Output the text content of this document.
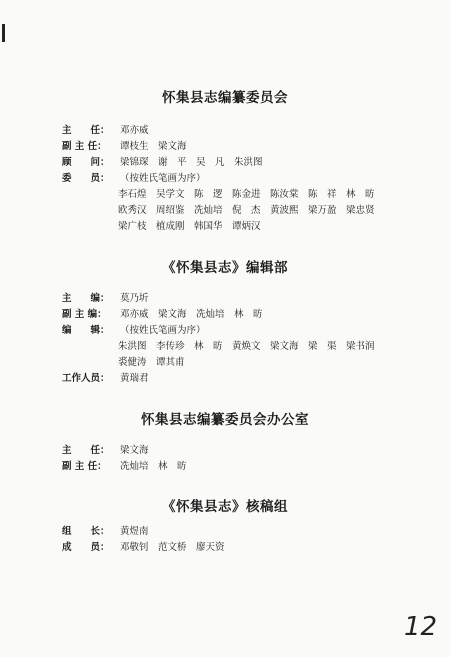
怀集县志编纂委员会
主　　任： 邓亦威
副 主 任： 谭枝生　梁文海
顾　　问： 梁锦琛　谢　平　吴　凡　朱洪图
委　　员： （按姓氏笔画为序）
李石煌　吴学文　陈　逻　陈金进　陈汝棠　陈　祥　林　昉
欧秀汉　周绍鉴　冼灿培　倪　杰　黄波熙　梁万盈　梁忠贤
梁广枝　植成刚　韩国华　谭炳汉
《怀集县志》编辑部
主　　编： 莫乃圻
副 主 编： 邓亦威　梁文海　冼灿培　林　昉
编　　辑： （按姓氏笔画为序）
朱洪图　李传珍　林　昉　黄焕文　梁文海　梁　渠　梁书润
裘健涛　谭其甫
工作人员： 黄瑞君
怀集县志编纂委员会办公室
主　　任： 梁文海
副 主 任： 冼灿培　林　昉
《怀集县志》核稿组
组　　长： 黄煜南
成　　员： 邓敬钊　范文桥　廖天资
12
